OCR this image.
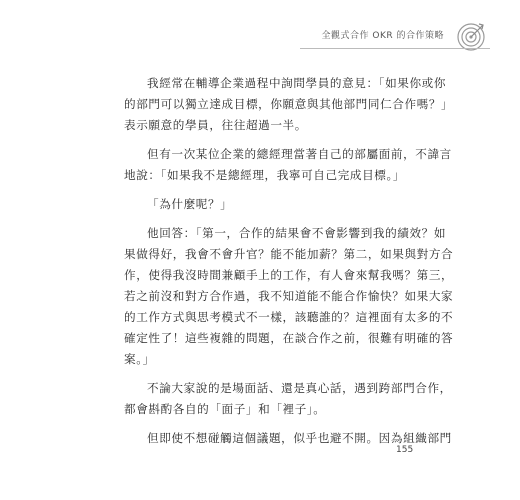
全觀式合作 OKR 的合作策略

我經常在輔導企業過程中詢問學員的意見：「如果你或你
的部門可以獨立達成目標，你願意與其他部門同仁合作嗎？」
表示願意的學員，往往超過一半。

但有一次某位企業的總經理當著自己的部屬面前，不諱言
地說：「如果我不是總經理，我寧可自己完成目標。」

「為什麼呢？」

他回答：「第一，合作的結果會不會影響到我的績效？如
果做得好，我會不會升官？能不能加薪？第二，如果與對方合
作，使得我沒時間兼顧手上的工作，有人會來幫我嗎？第三，
若之前沒和對方合作過，我不知道能不能合作愉快？如果大家
的工作方式與思考模式不一樣，該聽誰的？這裡面有太多的不
確定性了！這些複雜的問題，在談合作之前，很難有明確的答
案。」

不論大家說的是場面話、還是真心話，遇到跨部門合作，
都會斟酌各自的「面子」和「裡子」。

但即使不想碰觸這個議題，似乎也避不開。因為組織部門

155
